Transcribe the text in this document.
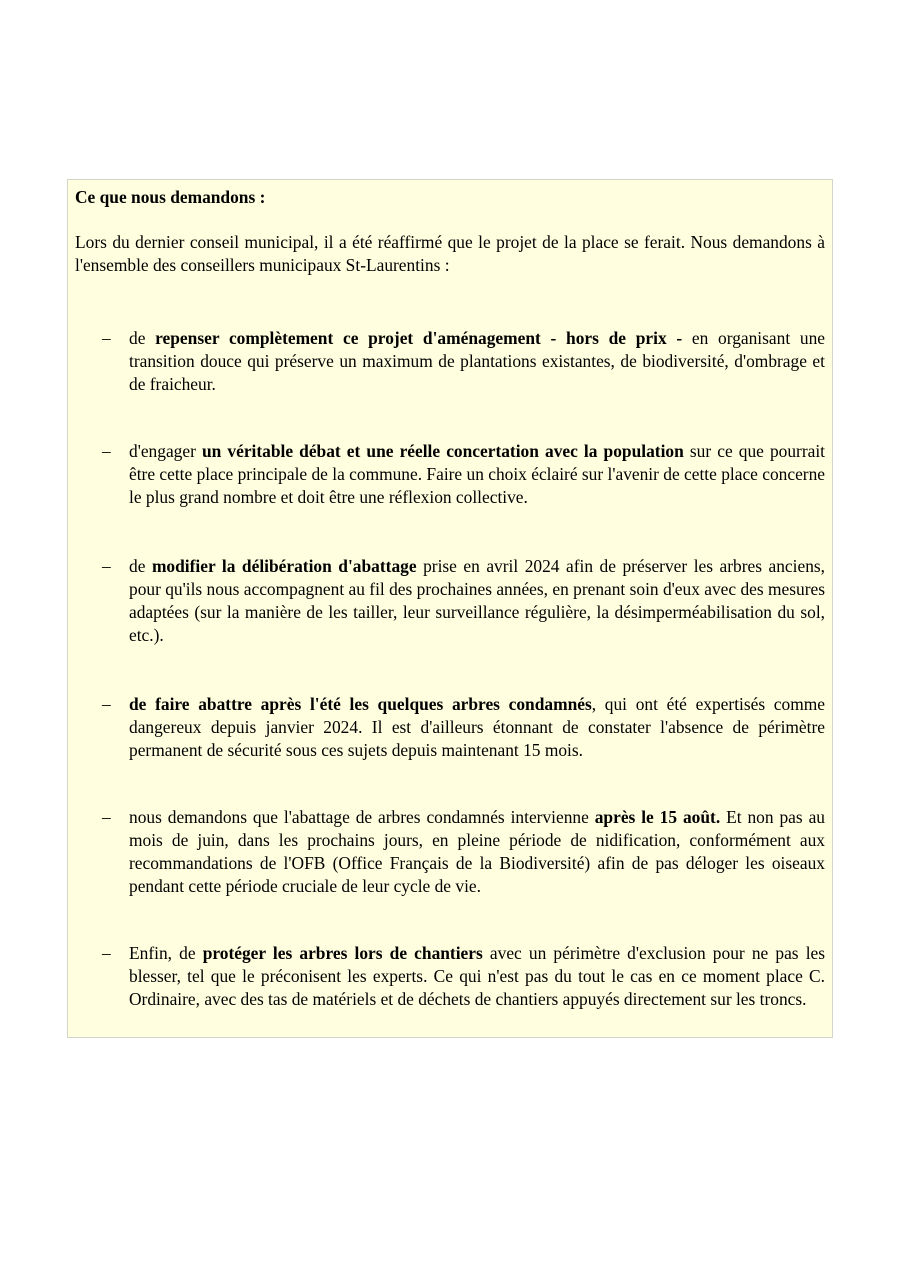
Ce que nous demandons :

Lors du dernier conseil municipal, il a été réaffirmé que le projet de la place se ferait. Nous demandons à l'ensemble des conseillers municipaux St-Laurentins :

– de repenser complètement ce projet d'aménagement - hors de prix - en organisant une transition douce qui préserve un maximum de plantations existantes, de biodiversité, d'ombrage et de fraicheur.
– d'engager un véritable débat et une réelle concertation avec la population sur ce que pourrait être cette place principale de la commune. Faire un choix éclairé sur l'avenir de cette place concerne le plus grand nombre et doit être une réflexion collective.
– de modifier la délibération d'abattage prise en avril 2024 afin de préserver les arbres anciens, pour qu'ils nous accompagnent au fil des prochaines années, en prenant soin d'eux avec des mesures adaptées (sur la manière de les tailler, leur surveillance régulière, la désimperméabilisation du sol, etc.).
– de faire abattre après l'été les quelques arbres condamnés, qui ont été expertisés comme dangereux depuis janvier 2024. Il est d'ailleurs étonnant de constater l'absence de périmètre permanent de sécurité sous ces sujets depuis maintenant 15 mois.
– nous demandons que l'abattage de arbres condamnés intervienne après le 15 août. Et non pas au mois de juin, dans les prochains jours, en pleine période de nidification, conformément aux recommandations de l'OFB (Office Français de la Biodiversité) afin de pas déloger les oiseaux pendant cette période cruciale de leur cycle de vie.
– Enfin, de protéger les arbres lors de chantiers avec un périmètre d'exclusion pour ne pas les blesser, tel que le préconisent les experts. Ce qui n'est pas du tout le cas en ce moment place C. Ordinaire, avec des tas de matériels et de déchets de chantiers appuyés directement sur les troncs.
